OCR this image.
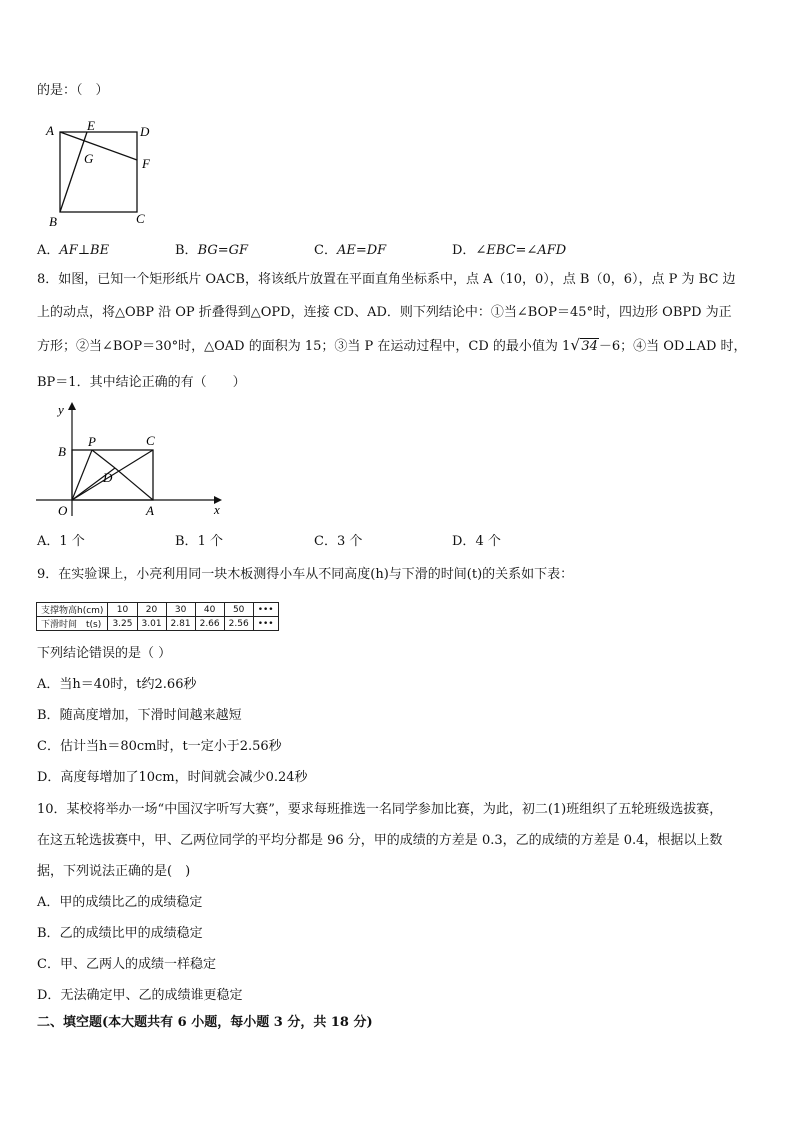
的是：（　）
A	E	D
G	F
B	C
A．AF⊥BE	B．BG=GF	C．AE=DF	D．∠EBC=∠AFD
8．如图，已知一个矩形纸片 OACB，将该纸片放置在平面直角坐标系中，点 A（10，0），点 B（0，6），点 P 为 BC 边
上的动点，将△OBP 沿 OP 折叠得到△OPD，连接 CD、AD．则下列结论中：①当∠BOP＝45°时，四边形 OBPD 为正
方形；②当∠BOP＝30°时，△OAD 的面积为 15；③当 P 在运动过程中，CD 的最小值为 1 √ 34－6；④当 OD⊥AD 时，
BP＝1．其中结论正确的有（　　）
y
x
B
P	C
D
O	A
A．1 个	B．1 个	C．3 个	D．4 个
9．在实验课上，小亮利用同一块木板测得小车从不同高度(h)与下滑的时间(t)的关系如下表：
支撑物高h(cm)	10	20	30	40	50	•••
下滑时间　t(s)	3.25	3.01	2.81	2.66	2.56	•••
下列结论错误的是（ ）
A．当h＝40时，t约2.66秒
B．随高度增加，下滑时间越来越短
C．估计当h＝80cm时，t一定小于2.56秒
D．高度每增加了10cm，时间就会减少0.24秒
10．某校将举办一场“中国汉字听写大赛”，要求每班推选一名同学参加比赛，为此，初二(1)班组织了五轮班级选拔赛，
在这五轮选拔赛中，甲、乙两位同学的平均分都是 96 分，甲的成绩的方差是 0.3，乙的成绩的方差是 0.4，根据以上数
据，下列说法正确的是(　)
A．甲的成绩比乙的成绩稳定
B．乙的成绩比甲的成绩稳定
C．甲、乙两人的成绩一样稳定
D．无法确定甲、乙的成绩谁更稳定
二、填空题(本大题共有 6 小题，每小题 3 分，共 18 分)
